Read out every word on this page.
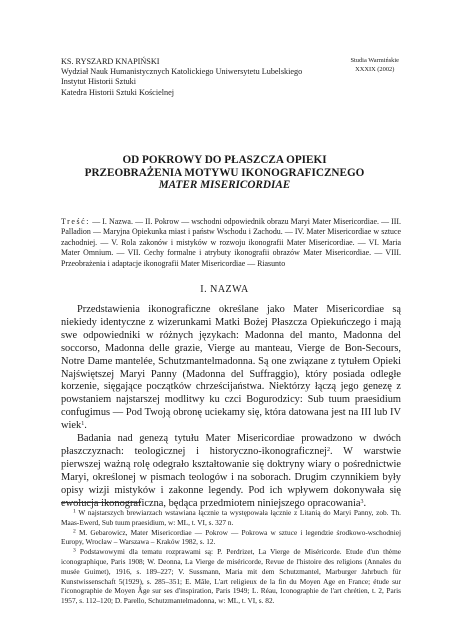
KS. RYSZARD KNAPIŃSKI
Wydział Nauk Humanistycznych Katolickiego Uniwersytetu Lubelskiego
Instytut Historii Sztuki
Katedra Historii Sztuki Kościelnej
Studia Warmińskie
XXXIX (2002)
OD POKROWY DO PŁASZCZA OPIEKI
PRZEOBRAŻENIA MOTYWU IKONOGRAFICZNEGO
MATER MISERICORDIAE
Treść: — I. Nazwa. — II. Pokrow — wschodni odpowiednik obrazu Maryi Mater Misericordiae. — III. Palladion — Maryjna Opiekunka miast i państw Wschodu i Zachodu. — IV. Mater Misericordiae w sztuce zachodniej. — V. Rola zakonów i mistyków w rozwoju ikonografii Mater Misericordiae. — VI. Maria Mater Omnium. — VII. Cechy formalne i atrybuty ikonografii obrazów Mater Misericordiae. — VIII. Przeobrażenia i adaptacje ikonografii Mater Misericordiae — Riasunto
I. NAZWA

Przedstawienia ikonograficzne określane jako Mater Misericordiae są niekiedy identyczne z wizerunkami Matki Bożej Płaszcza Opiekuńczego i mają swe odpowiedniki w różnych językach: Madonna del manto, Madonna del soccorso, Madonna delle grazie, Vierge au manteau, Vierge de Bon-Secours, Notre Dame mantelée, Schutzmantelmadonna. Są one związane z tytułem Opieki Najświętszej Maryi Panny (Madonna del Suffraggio), który posiada odległe korzenie, sięgające początków chrześcijaństwa. Niektórzy łączą jego genezę z powstaniem najstarszej modlitwy ku czci Bogurodzicy: Sub tuum praesidium confugimus — Pod Twoją obronę uciekamy się, która datowana jest na III lub IV wiek$^1$.

Badania nad genezą tytułu Mater Misericordiae prowadzono w dwóch płaszczyznach: teologicznej i historyczno-ikonograficznej$^2$. W warstwie pierwszej ważną rolę odegrało kształtowanie się doktryny wiary o pośrednictwie Maryi, określonej w pismach teologów i na soborach. Drugim czynnikiem były opisy wizji mistyków i zakonne legendy. Pod ich wpływem dokonywała się ewolucja ikonograficzna, będąca przedmiotem niniejszego opracowania$^3$.

$^1$ W najstarszych brewiarzach wstawiana łącznie ta występowała łącznie z Litanią do Maryi Panny, zob. Th. Maas-Ewerd, Sub tuum praesidium, w: ML, t. VI, s. 327 n.

$^2$ M. Gebarowicz, Mater Misericordiae — Pokrow — Pokrowa w sztuce i legendzie środkowo-wschodniej Europy, Wrocław – Warszawa – Kraków 1982, s. 12.

$^3$ Podstawowymi dla tematu rozprawami są: P. Perdrizet, La Vierge de Miséricorde. Etude d'un thème iconographique, Paris 1908; W. Deonna, La Vierge de miséricorde, Revue de l'histoire des religions (Annales du musée Guimet), 1916, s. 189–227; V. Sussmann, Maria mit dem Schutzmantel, Marburger Jahrbuch für Kunstwissenschaft 5(1929), s. 285–351; E. Mâle, L'art religieux de la fin du Moyen Age en France; étude sur l'iconographie de Moyen Âge sur ses d'inspiration, Paris 1949; L. Réau, Iconographie de l'art chrétien, t. 2, Paris 1957, s. 112–120; D. Parello, Schutzmantelmadonna, w: ML, t. VI, s. 82.
